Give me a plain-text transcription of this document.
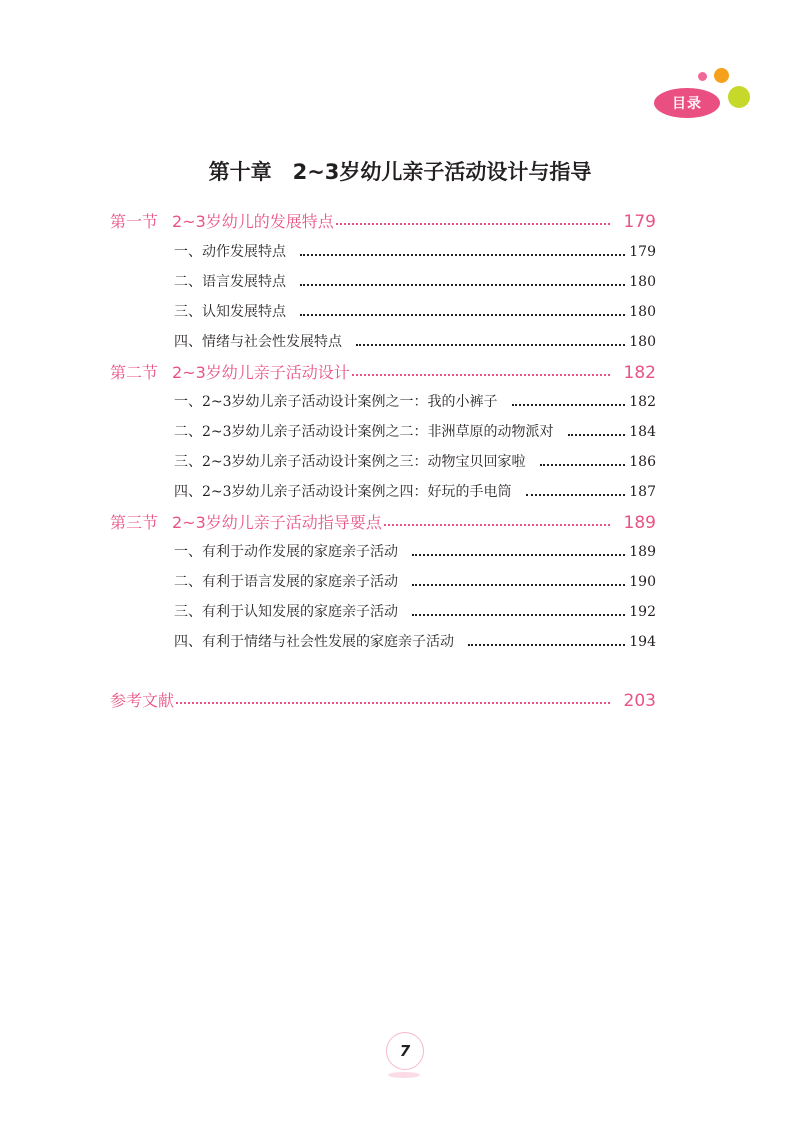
目录
第十章　2~3岁幼儿亲子活动设计与指导
第一节 2~3岁幼儿的发展特点	179
一、动作发展特点	179
二、语言发展特点	180
三、认知发展特点	180
四、情绪与社会性发展特点	180
第二节 2~3岁幼儿亲子活动设计	182
一、2~3岁幼儿亲子活动设计案例之一：我的小裤子	182
二、2~3岁幼儿亲子活动设计案例之二：非洲草原的动物派对	184
三、2~3岁幼儿亲子活动设计案例之三：动物宝贝回家啦	186
四、2~3岁幼儿亲子活动设计案例之四：好玩的手电筒	187
第三节 2~3岁幼儿亲子活动指导要点	189
一、有利于动作发展的家庭亲子活动	189
二、有利于语言发展的家庭亲子活动	190
三、有利于认知发展的家庭亲子活动	192
四、有利于情绪与社会性发展的家庭亲子活动	194
参考文献	203
7
